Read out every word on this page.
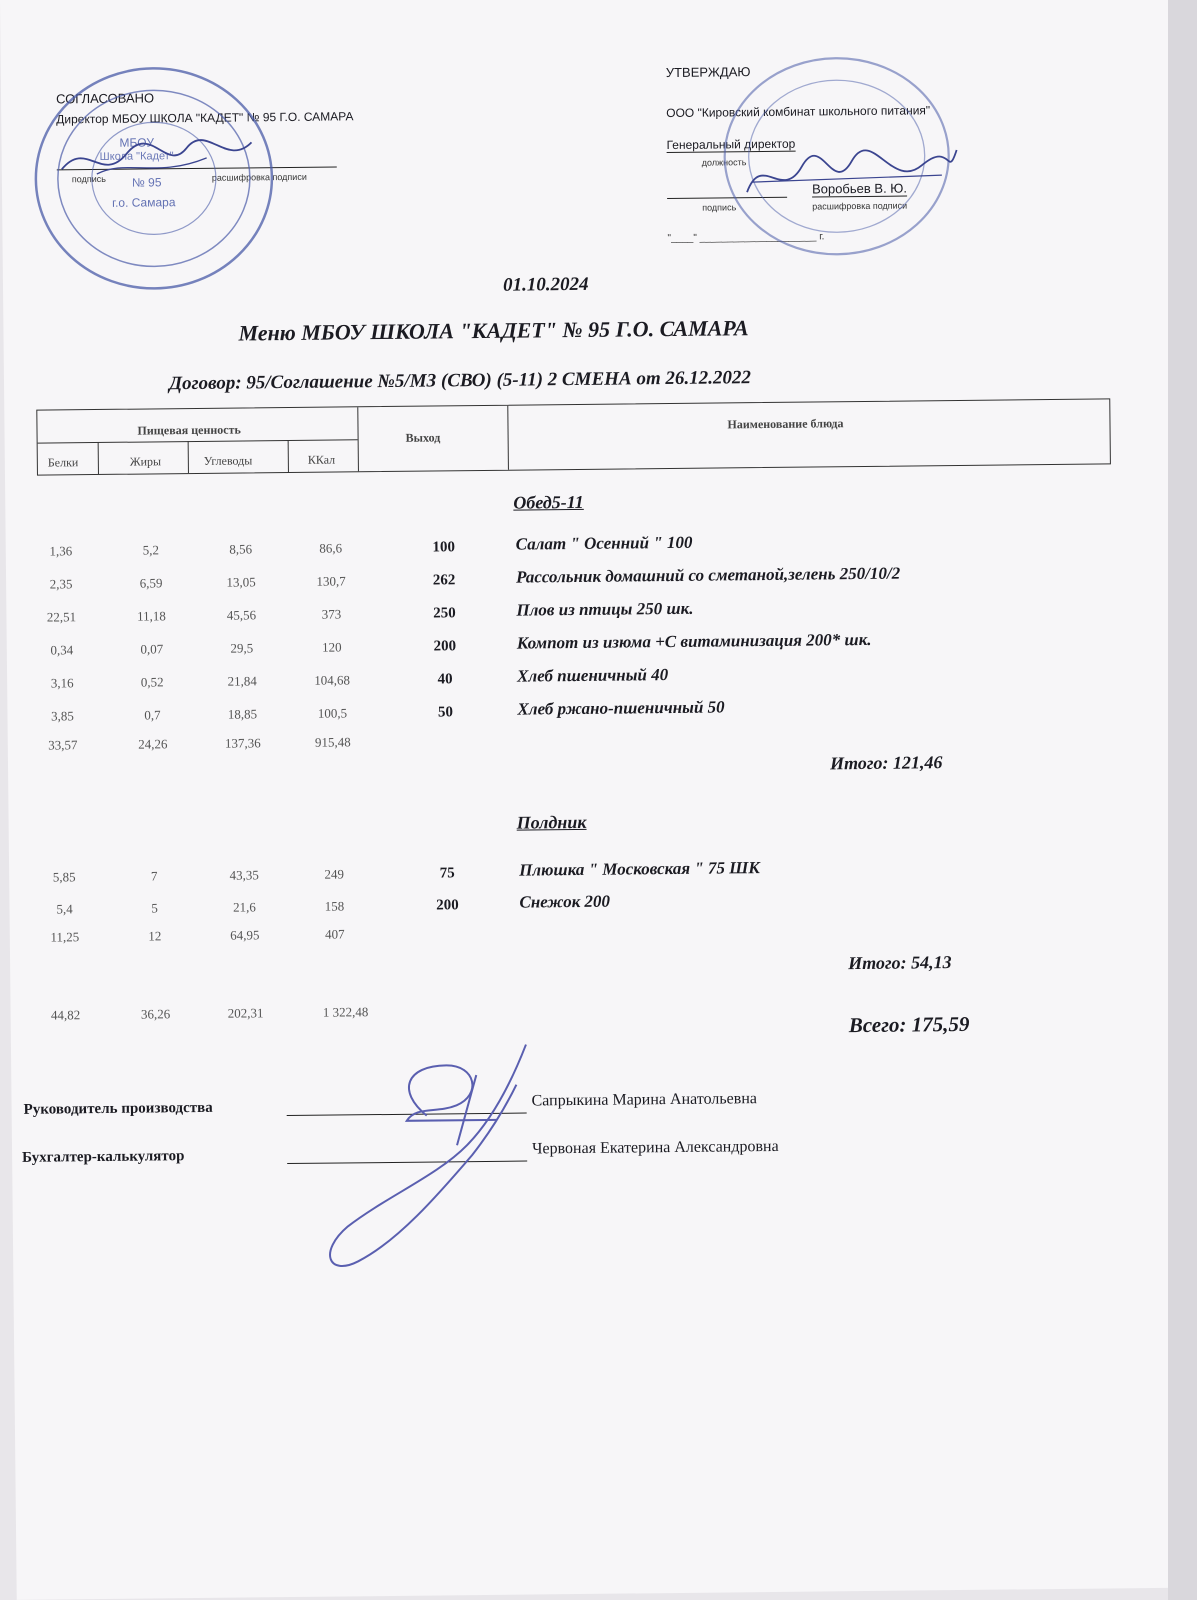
СОГЛАСОВАНО
Директор МБОУ ШКОЛА "КАДЕТ" № 95 Г.О. САМАРА
подпись	расшифровка подписи
МБОУ
Школа "Кадет"
№ 95
г.о. Самара
УТВЕРЖДАЮ
ООО "Кировский комбинат школьного питания"
Генеральный директор
должность
Воробьев В. Ю.
подпись	расшифровка подписи
"____" _____________________ г.
01.10.2024
Меню МБОУ ШКОЛА "КАДЕТ" № 95 Г.О. САМАРА
Договор: 95/Соглашение №5/МЗ (СВО) (5-11) 2 СМЕНА от 26.12.2022
Пищевая ценность
Выход
Наименование блюда
Белки	Жиры	Углеводы	ККал
Обед5-11
1,36	5,2	8,56	86,6	100	Салат " Осенний " 100
2,35	6,59	13,05	130,7	262	Рассольник домашний со сметаной,зелень 250/10/2
22,51	11,18	45,56	373	250	Плов из птицы 250 шк.
0,34	0,07	29,5	120	200	Компот из изюма +С витаминизация 200* шк.
3,16	0,52	21,84	104,68	40	Хлеб пшеничный 40
3,85	0,7	18,85	100,5	50	Хлеб ржано-пшеничный 50
33,57	24,26	137,36	915,48
Итого: 121,46
Полдник
5,85	7	43,35	249	75	Плюшка " Московская " 75 ШК
5,4	5	21,6	158	200	Снежок 200
11,25	12	64,95	407
Итого: 54,13
44,82	36,26	202,31	1 322,48	Всего: 175,59
Руководитель производства	Сапрыкина Марина Анатольевна
Бухгалтер-калькулятор	Червоная Екатерина Александровна
